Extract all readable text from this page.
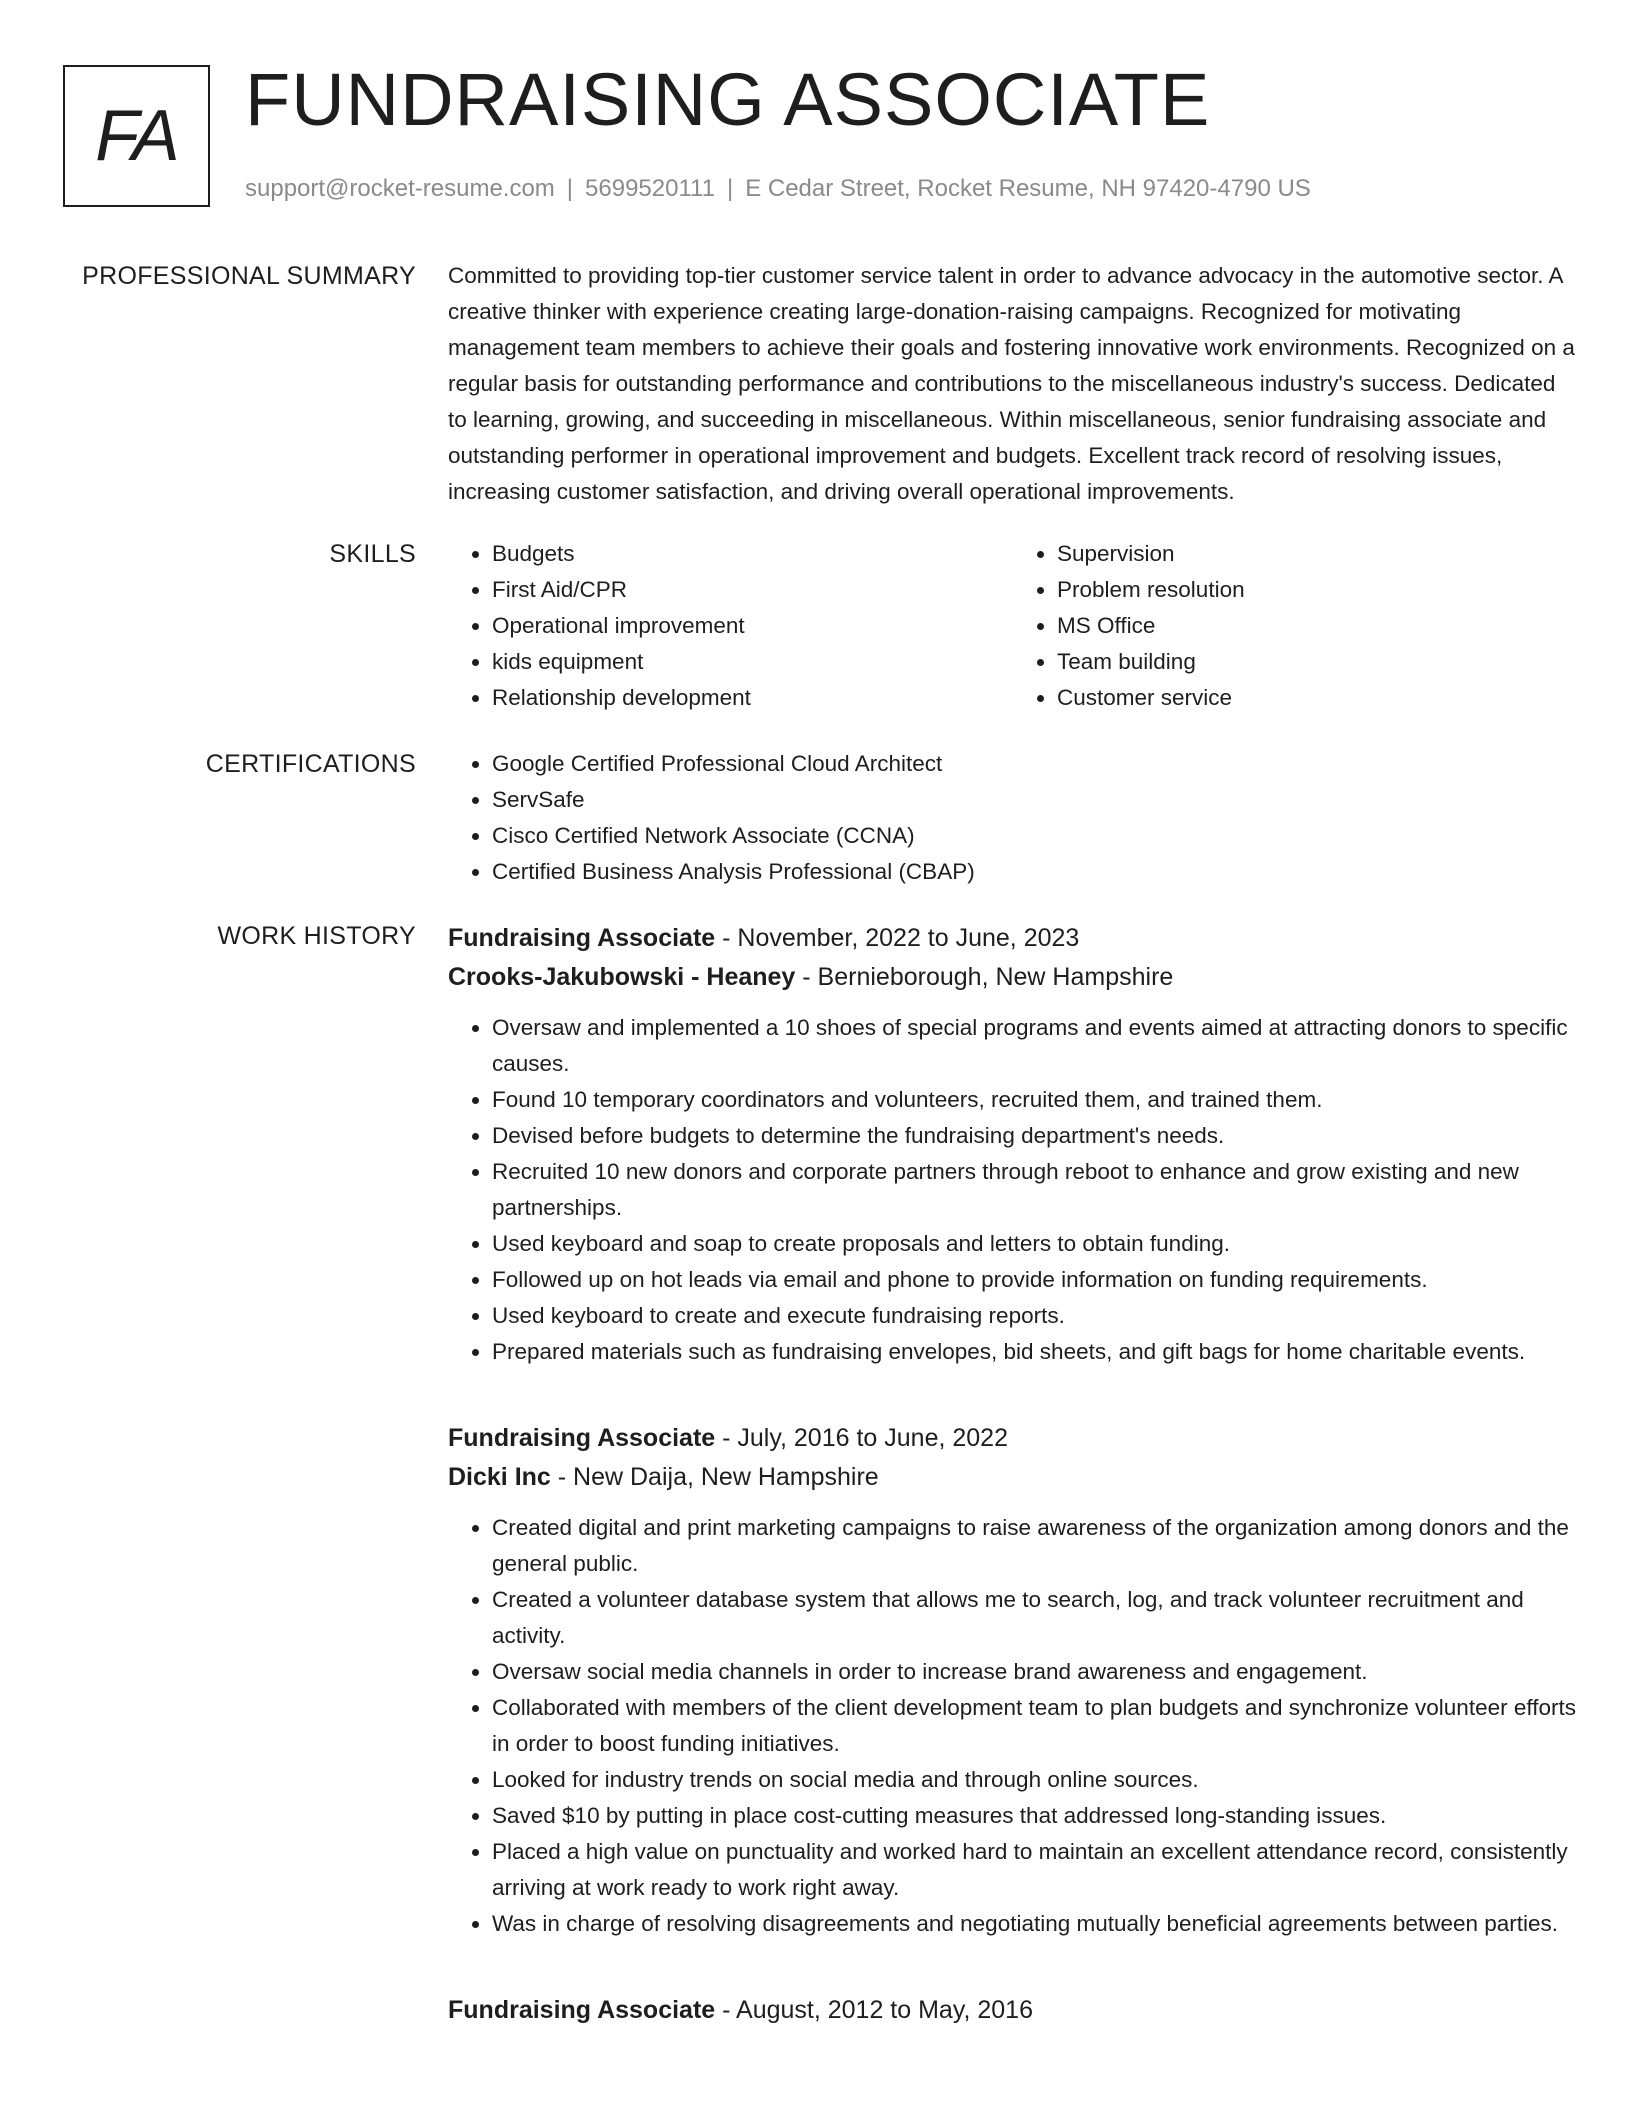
FA FUNDRAISING ASSOCIATE
support@rocket-resume.com | 5699520111 | E Cedar Street, Rocket Resume, NH 97420-4790 US
PROFESSIONAL SUMMARY Committed to providing top-tier customer service talent in order to advance advocacy in the automotive sector. A creative thinker with experience creating large-donation-raising campaigns. Recognized for motivating management team members to achieve their goals and fostering innovative work environments. Recognized on a regular basis for outstanding performance and contributions to the miscellaneous industry's success. Dedicated to learning, growing, and succeeding in miscellaneous. Within miscellaneous, senior fundraising associate and outstanding performer in operational improvement and budgets. Excellent track record of resolving issues, increasing customer satisfaction, and driving overall operational improvements.
SKILLS	• Budgets
• First Aid/CPR
• Operational improvement
• kids equipment
• Relationship development
• Supervision
• Problem resolution
• MS Office
• Team building
• Customer service
CERTIFICATIONS	• Google Certified Professional Cloud Architect
• ServSafe
• Cisco Certified Network Associate (CCNA)
• Certified Business Analysis Professional (CBAP)
WORK HISTORY Fundraising Associate - November, 2022 to June, 2023
Crooks-Jakubowski - Heaney - Bernieborough, New Hampshire
• Oversaw and implemented a 10 shoes of special programs and events aimed at attracting donors to specific causes.
• Found 10 temporary coordinators and volunteers, recruited them, and trained them.
• Devised before budgets to determine the fundraising department's needs.
• Recruited 10 new donors and corporate partners through reboot to enhance and grow existing and new partnerships.
• Used keyboard and soap to create proposals and letters to obtain funding.
• Followed up on hot leads via email and phone to provide information on funding requirements.
• Used keyboard to create and execute fundraising reports.
• Prepared materials such as fundraising envelopes, bid sheets, and gift bags for home charitable events.
Fundraising Associate - July, 2016 to June, 2022
Dicki Inc - New Daija, New Hampshire
• Created digital and print marketing campaigns to raise awareness of the organization among donors and the general public.
• Created a volunteer database system that allows me to search, log, and track volunteer recruitment and activity.
• Oversaw social media channels in order to increase brand awareness and engagement.
• Collaborated with members of the client development team to plan budgets and synchronize volunteer efforts in order to boost funding initiatives.
• Looked for industry trends on social media and through online sources.
• Saved $10 by putting in place cost-cutting measures that addressed long-standing issues.
• Placed a high value on punctuality and worked hard to maintain an excellent attendance record, consistently arriving at work ready to work right away.
• Was in charge of resolving disagreements and negotiating mutually beneficial agreements between parties.
Fundraising Associate - August, 2012 to May, 2016
